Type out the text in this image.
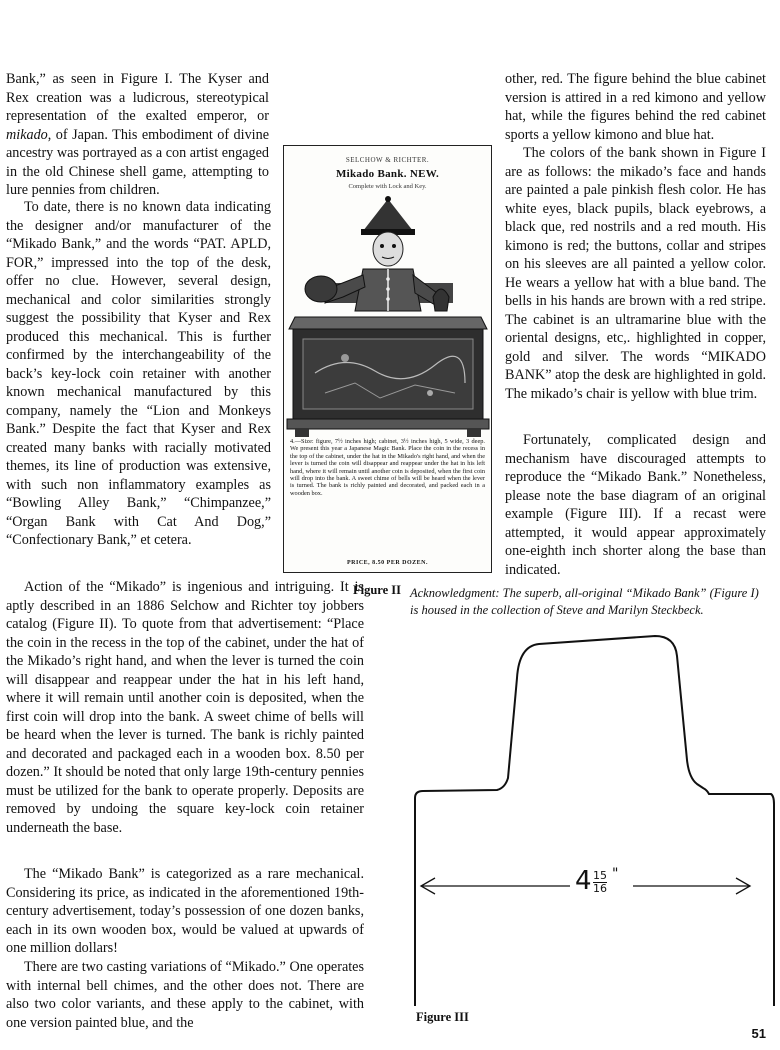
Bank,” as seen in Figure I. The Kyser and Rex creation was a ludicrous, stereotypical representation of the exalted emperor, or mikado, of Japan. This embodiment of divine ancestry was portrayed as a con artist engaged in the old Chinese shell game, attempting to lure pennies from children.

To date, there is no known data indicating the designer and/or manufacturer of the “Mikado Bank,” and the words “PAT. APLD, FOR,” impressed into the top of the desk, offer no clue. However, several design, mechanical and color similarities strongly suggest the possibility that Kyser and Rex produced this mechanical. This is further confirmed by the interchangeability of the back’s key-lock coin retainer with another known mechanical manufactured by this company, namely the “Lion and Monkeys Bank.” Despite the fact that Kyser and Rex created many banks with racially motivated themes, its line of production was extensive, with such non inflammatory examples as “Bowling Alley Bank,” “Chimpanzee,” “Organ Bank with Cat And Dog,” “Confectionary Bank,” et cetera.

Action of the “Mikado” is ingenious and intriguing. It is aptly described in an 1886 Selchow and Richter toy jobbers catalog (Figure II). To quote from that advertisement: “Place the coin in the recess in the top of the cabinet, under the hat of the Mikado’s right hand, and when the lever is turned the coin will disappear and reappear under the hat in his left hand, where it will remain until another coin is deposited, when the first coin will drop into the bank. A sweet chime of bells will be heard when the lever is turned. The bank is richly painted and decorated and packaged each in a wooden box. 8.50 per dozen.” It should be noted that only large 19th-century pennies must be utilized for the bank to operate properly. Deposits are removed by undoing the square key-lock coin retainer underneath the base.

The “Mikado Bank” is categorized as a rare mechanical. Considering its price, as indicated in the aforementioned 19th-century advertisement, today’s possession of one dozen banks, each in its own wooden box, would be valued at upwards of one million dollars!

There are two casting variations of “Mikado.” One operates with internal bell chimes, and the other does not. There are also two color variants, and these apply to the cabinet, with one version painted blue, and the

other, red. The figure behind the blue cabinet version is attired in a red kimono and yellow hat, while the figures behind the red cabinet sports a yellow kimono and blue hat.

The colors of the bank shown in Figure I are as follows: the mikado’s face and hands are painted a pale pinkish flesh color. He has white eyes, black pupils, black eyebrows, a black que, red nostrils and a red mouth. His kimono is red; the buttons, collar and stripes on his sleeves are all painted a yellow color. He wears a yellow hat with a blue band. The bells in his hands are brown with a red stripe. The cabinet is an ultramarine blue with the oriental designs, etc,. highlighted in copper, gold and silver. The words “MIKADO BANK” atop the desk are highlighted in gold. The mikado’s chair is yellow with blue trim.

Fortunately, complicated design and mechanism have discouraged attempts to reproduce the “Mikado Bank.” Nonetheless, please note the base diagram of an original example (Figure III). If a recast were attempted, it would appear approximately one-eighth inch shorter along the base than indicated.

Acknowledgment: The superb, all-original “Mikado Bank” (Figure I) is housed in the collection of Steve and Marilyn Steckbeck.

SELCHOW & RICHTER.
Mikado Bank. NEW.
Complete with Lock and Key.
4.—Size: figure, 7½ inches high; cabinet, 3½ inches high, 5 wide, 3 deep. We present this year a Japanese Magic Bank. Place the coin in the recess in the top of the cabinet, under the hat in the Mikado's right hand, and when the lever is turned the coin will disappear and reappear under the hat in his left hand, where it will remain until another coin is deposited, when the first coin will drop into the bank. A sweet chime of bells will be heard when the lever is turned. The bank is richly painted and decorated, and packed each in a wooden box.
PRICE, 8.50 PER DOZEN.
Figure II
$4 \frac{15}{16}$ "
Figure III
51
